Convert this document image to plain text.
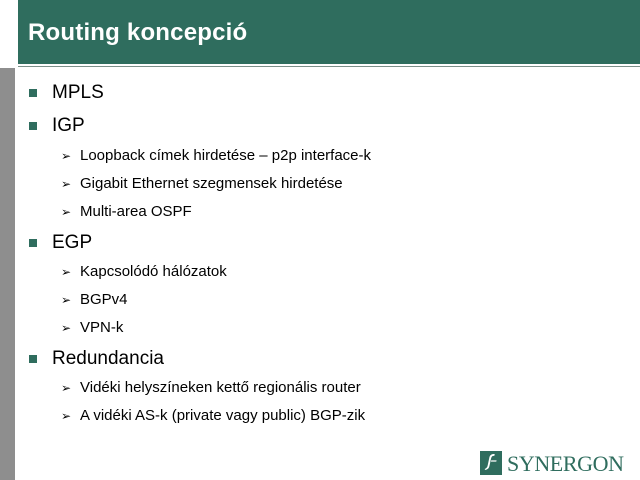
Routing koncepció
MPLS
IGP
➢ Loopback címek hirdetése – p2p interface-k
➢ Gigabit Ethernet szegmensek hirdetése
➢ Multi-area OSPF
EGP
➢ Kapcsolódó hálózatok
➢ BGPv4
➢ VPN-k
Redundancia
➢ Vidéki helyszíneken kettő regionális router
➢ A vidéki AS-k (private vagy public) BGP-zik
SYNERGON
